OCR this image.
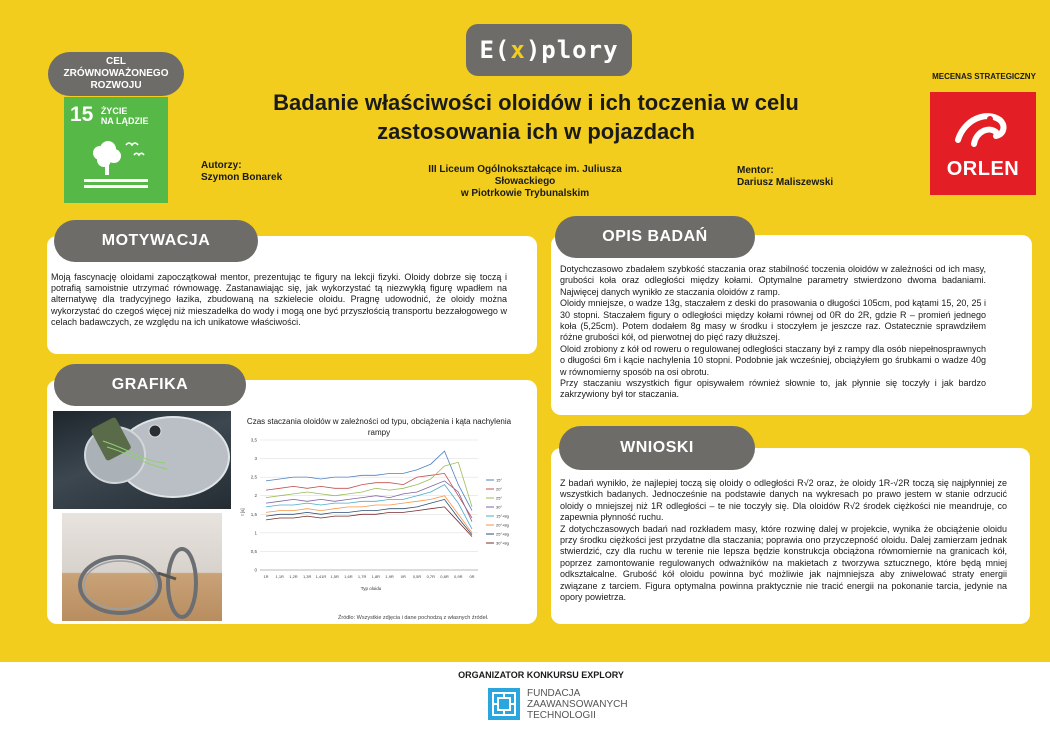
E(x)plory
CEL
ZRÓWNOWAŻONEGO
ROZWOJU
15 ŻYCIE
NA LĄDZIE
Badanie właściwości oloidów i ich toczenia w celu
zastosowania ich w pojazdach
Autorzy:
Szymon Bonarek
III Liceum Ogólnokształcące im. Juliusza
Słowackiego
w Piotrkowie Trybunalskim
Mentor:
Dariusz Maliszewski
MECENAS STRATEGICZNY
ORLEN
MOTYWACJA
Moją fascynację oloidami zapoczątkował mentor, prezentując te figury na lekcji fizyki. Oloidy dobrze się toczą i potrafią samoistnie utrzymać równowagę. Zastanawiając się, jak wykorzystać tą niezwykłą figurę wpadłem na alternatywę dla tradycyjnego łazika, zbudowaną na szkielecie oloidu. Pragnę udowodnić, że oloidy można wykorzystać do czegoś więcej niż mieszadełka do wody i mogą one być przyszłością transportu bezzałogowego w celach badawczych, ze względu na ich unikatowe właściwości.
GRAFIKA
Czas staczania oloidów w zależności od typu, obciążenia i kąta nachylenia rampy
0
0,5
1
1,5
2
2,5
3
3,5
1R 1,1R 1,2R 1,3R 1,41R 1,5R 1,6R 1,7R 1,8R 1,9R 0R 0,5R 0,7R 0,8R 0,9R 0R
15°
20°
25°
30°
15°+8g
20°+8g
25°+8g
30°+8g
Typ oloidu
t [s]
Źródło: Wszystkie zdjęcia i dane pochodzą z własnych źródeł.
OPIS BADAŃ

Dotychczasowo zbadałem szybkość staczania oraz stabilność toczenia oloidów w zależności od ich masy, grubości koła oraz odległości między kołami. Optymalne parametry stwierdzono dwoma badaniami. Najwięcej danych wynikło ze staczania oloidów z ramp.

Oloidy mniejsze, o wadze 13g, staczałem z deski do prasowania o długości 105cm, pod kątami 15, 20, 25 i 30 stopni. Staczałem figury o odległości między kołami równej od 0R do 2R, gdzie R – promień jednego koła (5,25cm). Potem dodałem 8g masy w środku i stoczyłem je jeszcze raz. Ostatecznie sprawdziłem różne grubości kół, od pierwotnej do pięć razy dłuższej.

Oloid zrobiony z kół od roweru o regulowanej odległości staczany był z rampy dla osób niepełnosprawnych o długości 6m i kącie nachylenia 10 stopni. Podobnie jak wcześniej, obciążyłem go śrubkami o wadze 40g w równomierny sposób na osi obrotu.

Przy staczaniu wszystkich figur opisywałem również słownie to, jak płynnie się toczyły i jak bardzo zakrzywiony był tor staczania.

WNIOSKI

Z badań wynikło, że najlepiej toczą się oloidy o odległości R√2 oraz, że oloidy 1R-√2R toczą się najpłynniej ze wszystkich badanych. Jednocześnie na podstawie danych na wykresach po prawo jestem w stanie odrzucić oloidy o mniejszej niż 1R odległości – te nie toczyły się. Dla oloidów R√2 środek ciężkości nie meandruje, co zapewnia płynność ruchu.

Z dotychczasowych badań nad rozkładem masy, które rozwinę dalej w projekcie, wynika że obciążenie oloidu przy środku ciężkości jest przydatne dla staczania; poprawia ono przyczepność oloidu. Dalej zamierzam jednak stwierdzić, czy dla ruchu w terenie nie lepsza będzie konstrukcja obciążona równomiernie na granicach kół, poprzez zamontowanie regulowanych odważników na makietach z tworzywa sztucznego, które będą mniej odkształcalne. Grubość kół oloidu powinna być możliwie jak najmniejsza aby zniwelować straty energii związane z tarciem. Figura optymalna powinna praktycznie nie tracić energii na pokonanie tarcia, jedynie na opory powietrza.

ORGANIZATOR KONKURSU EXPLORY
FUNDACJA
ZAAWANSOWANYCH
TECHNOLOGII
